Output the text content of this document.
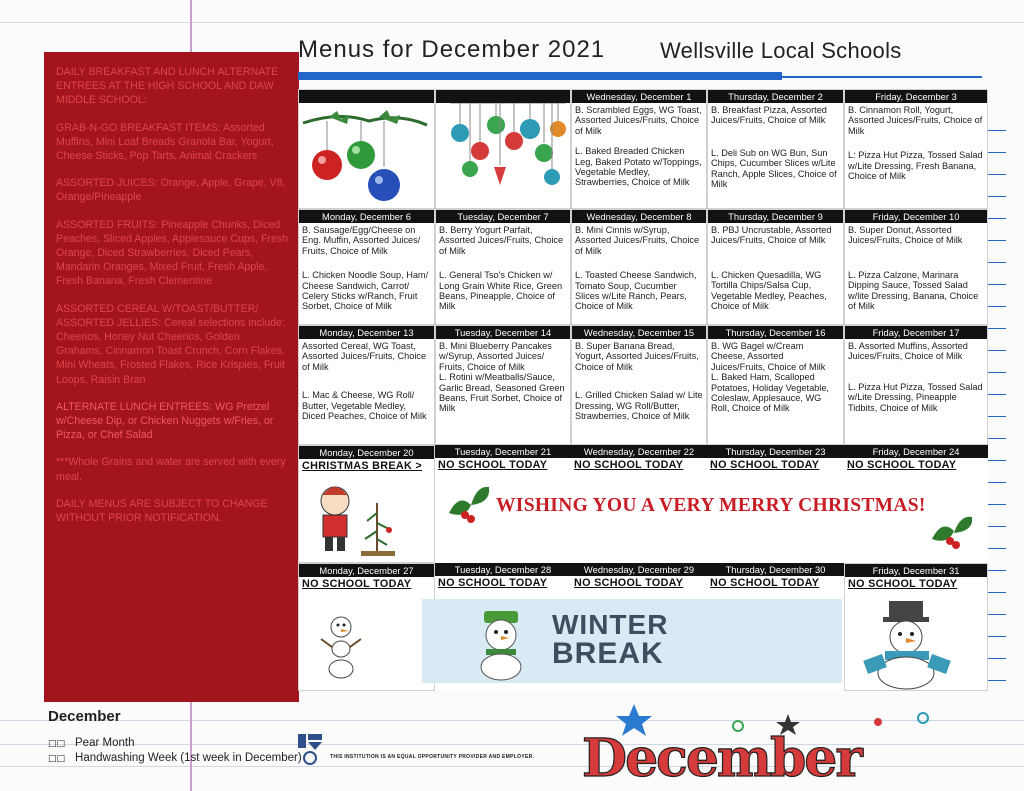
DAILY BREAKFAST AND LUNCH ALTERNATE ENTREES AT THE HIGH SCHOOL AND DAW MIDDLE SCHOOL:

GRAB-N-GO BREAKFAST ITEMS: Assorted Muffins, Mini Loaf Breads Granola Bar, Yogurt, Cheese Sticks, Pop Tarts, Animal Crackers

ASSORTED JUICES: Orange, Apple, Grape, V8, Orange/Pineapple

ASSORTED FRUITS: Pineapple Chunks, Diced Peaches, Sliced Apples, Applesauce Cups, Fresh Orange, Diced Strawberries, Diced Pears, Mandarin Oranges, Mixed Fruit, Fresh Apple, Fresh Banana, Fresh Clementine

ASSORTED CEREAL W/TOAST/BUTTER/ ASSORTED JELLIES: Cereal selections include: Cheerios, Honey Nut Cheerios, Golden Grahams, Cinnamon Toast Crunch, Corn Flakes, Mini Wheats, Frosted Flakes, Rice Krispies, Fruit Loops, Raisin Bran

ALTERNATE LUNCH ENTREES: WG Pretzel w/Cheese Dip, or Chicken Nuggets w/Fries, or Pizza, or Chef Salad

***Whole Grains and water are served with every meal.

DAILY MENUS ARE SUBJECT TO CHANGE WITHOUT PRIOR NOTIFICATION.

Menus for December 2021 Wellsville Local Schools
Wednesday, December 1
B. Scrambled Eggs, WG Toast, Assorted Juices/Fruits, Choice of Milk
L. Baked Breaded Chicken Leg, Baked Potato w/Toppings, Vegetable Medley, Strawberries, Choice of Milk
Thursday, December 2
B. Breakfast Pizza, Assorted Juices/Fruits, Choice of Milk
L. Deli Sub on WG Bun, Sun Chips, Cucumber Slices w/Lite Ranch, Apple Slices, Choice of Milk
Friday, December 3
B. Cinnamon Roll, Yogurt, Assorted Juices/Fruits, Choice of Milk
L: Pizza Hut Pizza, Tossed Salad w/Lite Dressing, Fresh Banana, Choice of Milk
Monday, December 6
B. Sausage/Egg/Cheese on Eng. Muffin, Assorted Juices/ Fruits, Choice of Milk
L. Chicken Noodle Soup, Ham/ Cheese Sandwich, Carrot/ Celery Sticks w/Ranch, Fruit Sorbet, Choice of Milk
Tuesday, December 7
B. Berry Yogurt Parfait, Assorted Juices/Fruits, Choice of Milk
L. General Tso's Chicken w/ Long Grain White Rice, Green Beans, Pineapple, Choice of Milk
Wednesday, December 8
B. Mini Cinnis w/Syrup, Assorted Juices/Fruits, Choice of Milk
L. Toasted Cheese Sandwich, Tomato Soup, Cucumber Slices w/Lite Ranch, Pears, Choice of Milk
Thursday, December 9
B. PBJ Uncrustable, Assorted Juices/Fruits, Choice of Milk
L. Chicken Quesadilla, WG Tortilla Chips/Salsa Cup, Vegetable Medley, Peaches, Choice of Milk
Friday, December 10
B. Super Donut, Assorted Juices/Fruits, Choice of Milk
L. Pizza Calzone, Marinara Dipping Sauce, Tossed Salad w/lite Dressing, Banana, Choice of Milk
Monday, December 13
Assorted Cereal, WG Toast, Assorted Juices/Fruits, Choice of Milk
L. Mac & Cheese, WG Roll/ Butter, Vegetable Medley, Diced Peaches, Choice of Milk
Tuesday, December 14
B. Mini Blueberry Pancakes w/Syrup, Assorted Juices/ Fruits, Choice of Milk
L. Rotini w/Meatballs/Sauce, Garlic Bread, Seasoned Green Beans, Fruit Sorbet, Choice of Milk
Wednesday, December 15
B. Super Banana Bread, Yogurt, Assorted Juices/Fruits, Choice of Milk
L. Grilled Chicken Salad w/ Lite Dressing, WG Roll/Butter, Strawberries, Choice of Milk
Thursday, December 16
B. WG Bagel w/Cream Cheese, Assorted Juices/Fruits, Choice of Milk
L. Baked Ham, Scalloped Potatoes, Holiday Vegetable, Coleslaw, Applesauce, WG Roll, Choice of Milk
Friday, December 17
B. Assorted Muffins, Assorted Juices/Fruits, Choice of Milk
L. Pizza Hut Pizza, Tossed Salad w/Lite Dressing, Pineapple Tidbits, Choice of Milk
Monday, December 20
CHRISTMAS BREAK >
Tuesday, December 21
NO SCHOOL TODAY
Wednesday, December 22
NO SCHOOL TODAY
Thursday, December 23
NO SCHOOL TODAY
Friday, December 24
NO SCHOOL TODAY
Monday, December 27
NO SCHOOL TODAY
Tuesday, December 28
NO SCHOOL TODAY
Wednesday, December 29
NO SCHOOL TODAY
Thursday, December 30
NO SCHOOL TODAY
Friday, December 31
NO SCHOOL TODAY
WISHING YOU A VERY MERRY CHRISTMAS!
WINTER
BREAK
December
□□ Pear Month
□□ Handwashing Week (1st week in December)	THIS INSTITUTION IS AN EQUAL OPPORTUNITY PROVIDER AND EMPLOYER. December
